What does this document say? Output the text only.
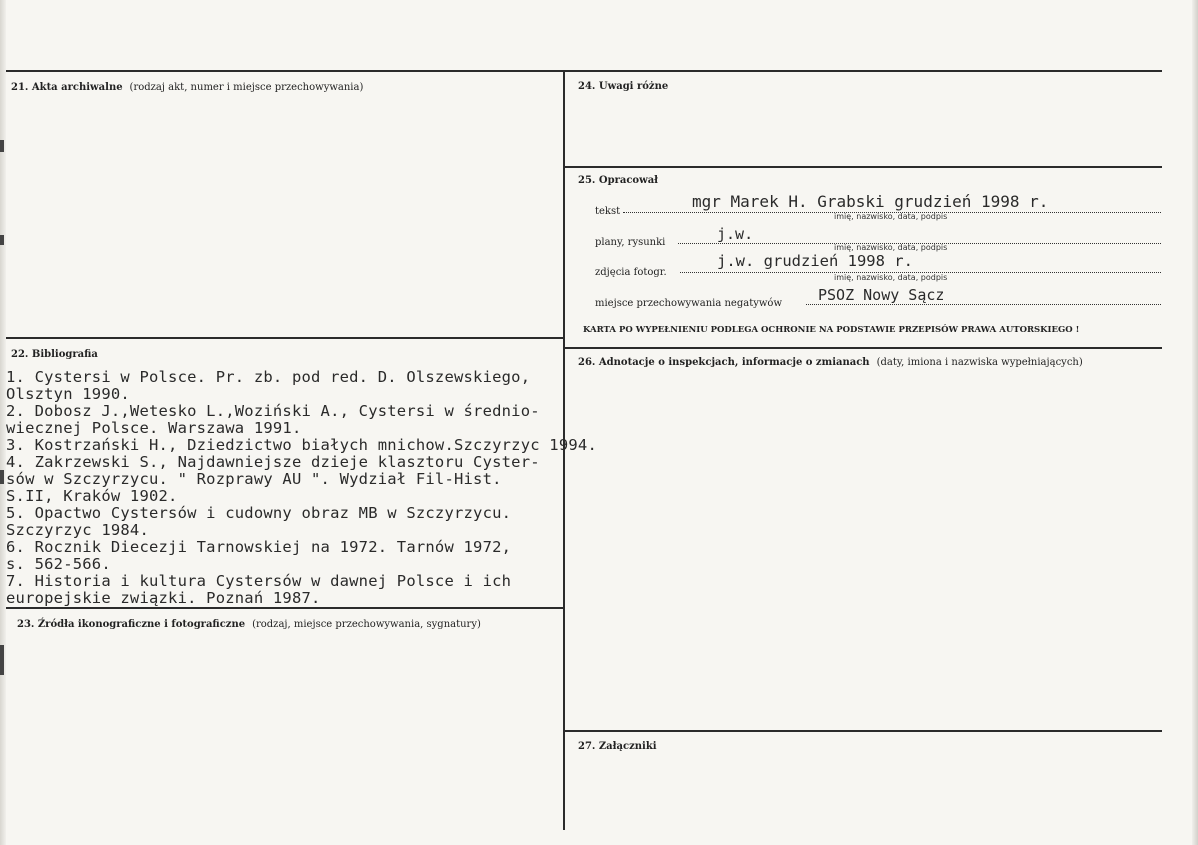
21. Akta archiwalne (rodzaj akt, numer i miejsce przechowywania)	24. Uwagi różne
25. Opracował
tekst
mgr Marek H. Grabski grudzień 1998 r.
imię, nazwisko, data, podpis
plany, rysunki	j.w.
imię, nazwisko, data, podpis
zdjęcia fotogr.
j.w. grudzień 1998 r.
imię, nazwisko, data, podpis
miejsce przechowywania negatywów PSOZ Nowy Sącz
KARTA PO WYPEŁNIENIU PODLEGA OCHRONIE NA PODSTAWIE PRZEPISÓW PRAWA AUTORSKIEGO !
22. Bibliografia
1. Cystersi w Polsce. Pr. zb. pod red. D. Olszewskiego,
Olsztyn 1990.
2. Dobosz J.,Wetesko L.,Woziński A., Cystersi w średnio-
wiecznej Polsce. Warszawa 1991.
3. Kostrzański H., Dziedzictwo białych mnichow.Szczyrzyc 1994.
4. Zakrzewski S., Najdawniejsze dzieje klasztoru Cyster-
sów w Szczyrzycu. " Rozprawy AU ". Wydział Fil-Hist.
S.II, Kraków 1902.
5. Opactwo Cystersów i cudowny obraz MB w Szczyrzycu.
Szczyrzyc 1984.
6. Rocznik Diecezji Tarnowskiej na 1972. Tarnów 1972,
s. 562-566.
7. Historia i kultura Cystersów w dawnej Polsce i ich
europejskie związki. Poznań 1987.
26. Adnotacje o inspekcjach, informacje o zmianach (daty, imiona i nazwiska wypełniających)
23. Źródła ikonograficzne i fotograficzne (rodzaj, miejsce przechowywania, sygnatury)
27. Załączniki
